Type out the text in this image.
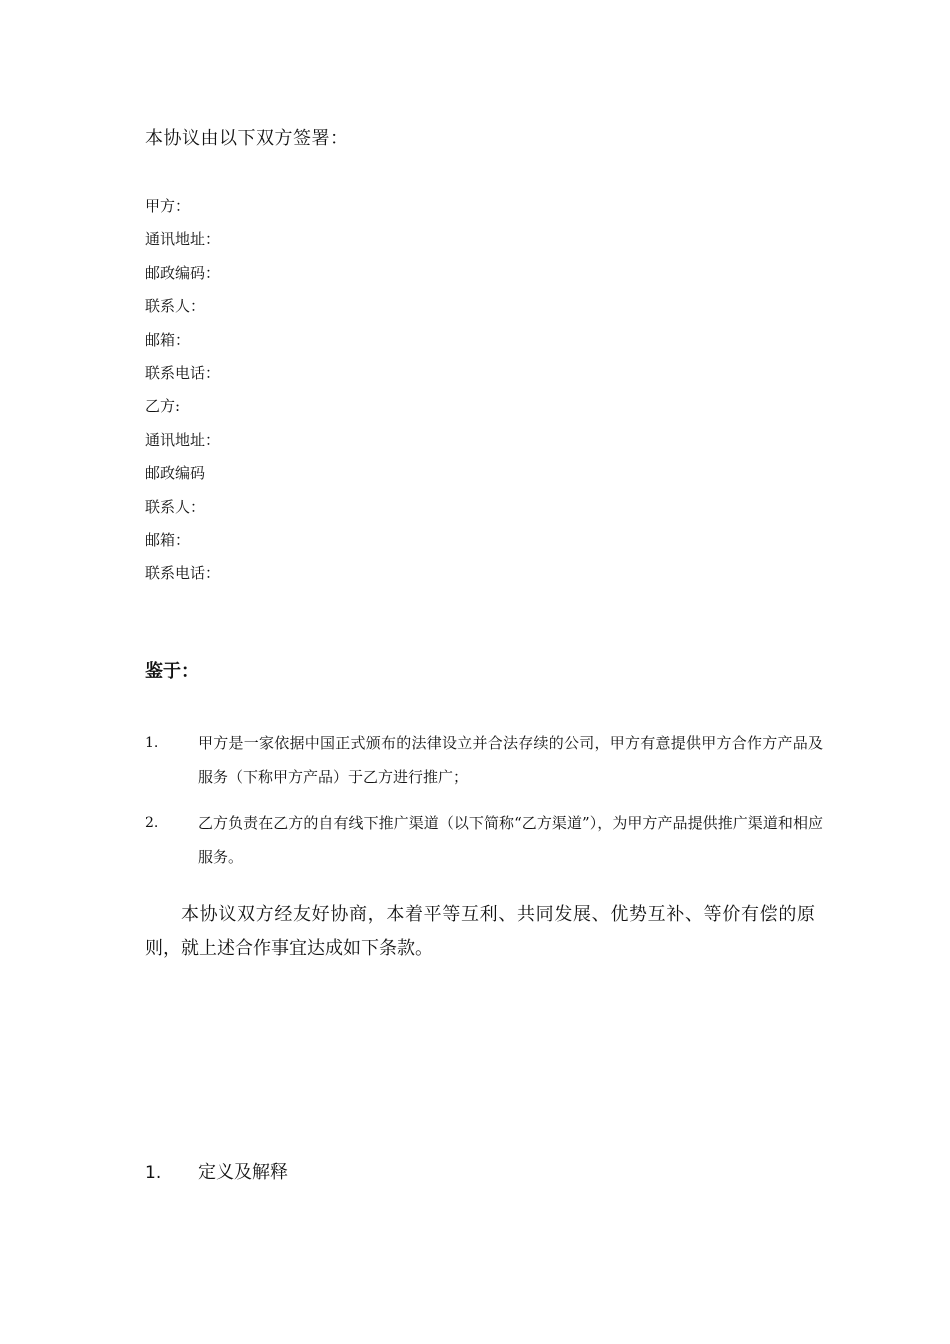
本协议由以下双方签署：
甲方：
通讯地址：
邮政编码：
联系人：
邮箱：
联系电话：
乙方:
通讯地址：
邮政编码
联系人：
邮箱：
联系电话：
鉴于：
1.	甲方是一家依据中国正式颁布的法律设立并合法存续的公司，甲方有意提供甲方合作方产品及服务（下称甲方产品）于乙方进行推广；
2.	乙方负责在乙方的自有线下推广渠道（以下简称“乙方渠道”），为甲方产品提供推广渠道和相应服务。
本协议双方经友好协商，本着平等互利、共同发展、优势互补、等价有偿的原则，就上述合作事宜达成如下条款。
1. 定义及解释
